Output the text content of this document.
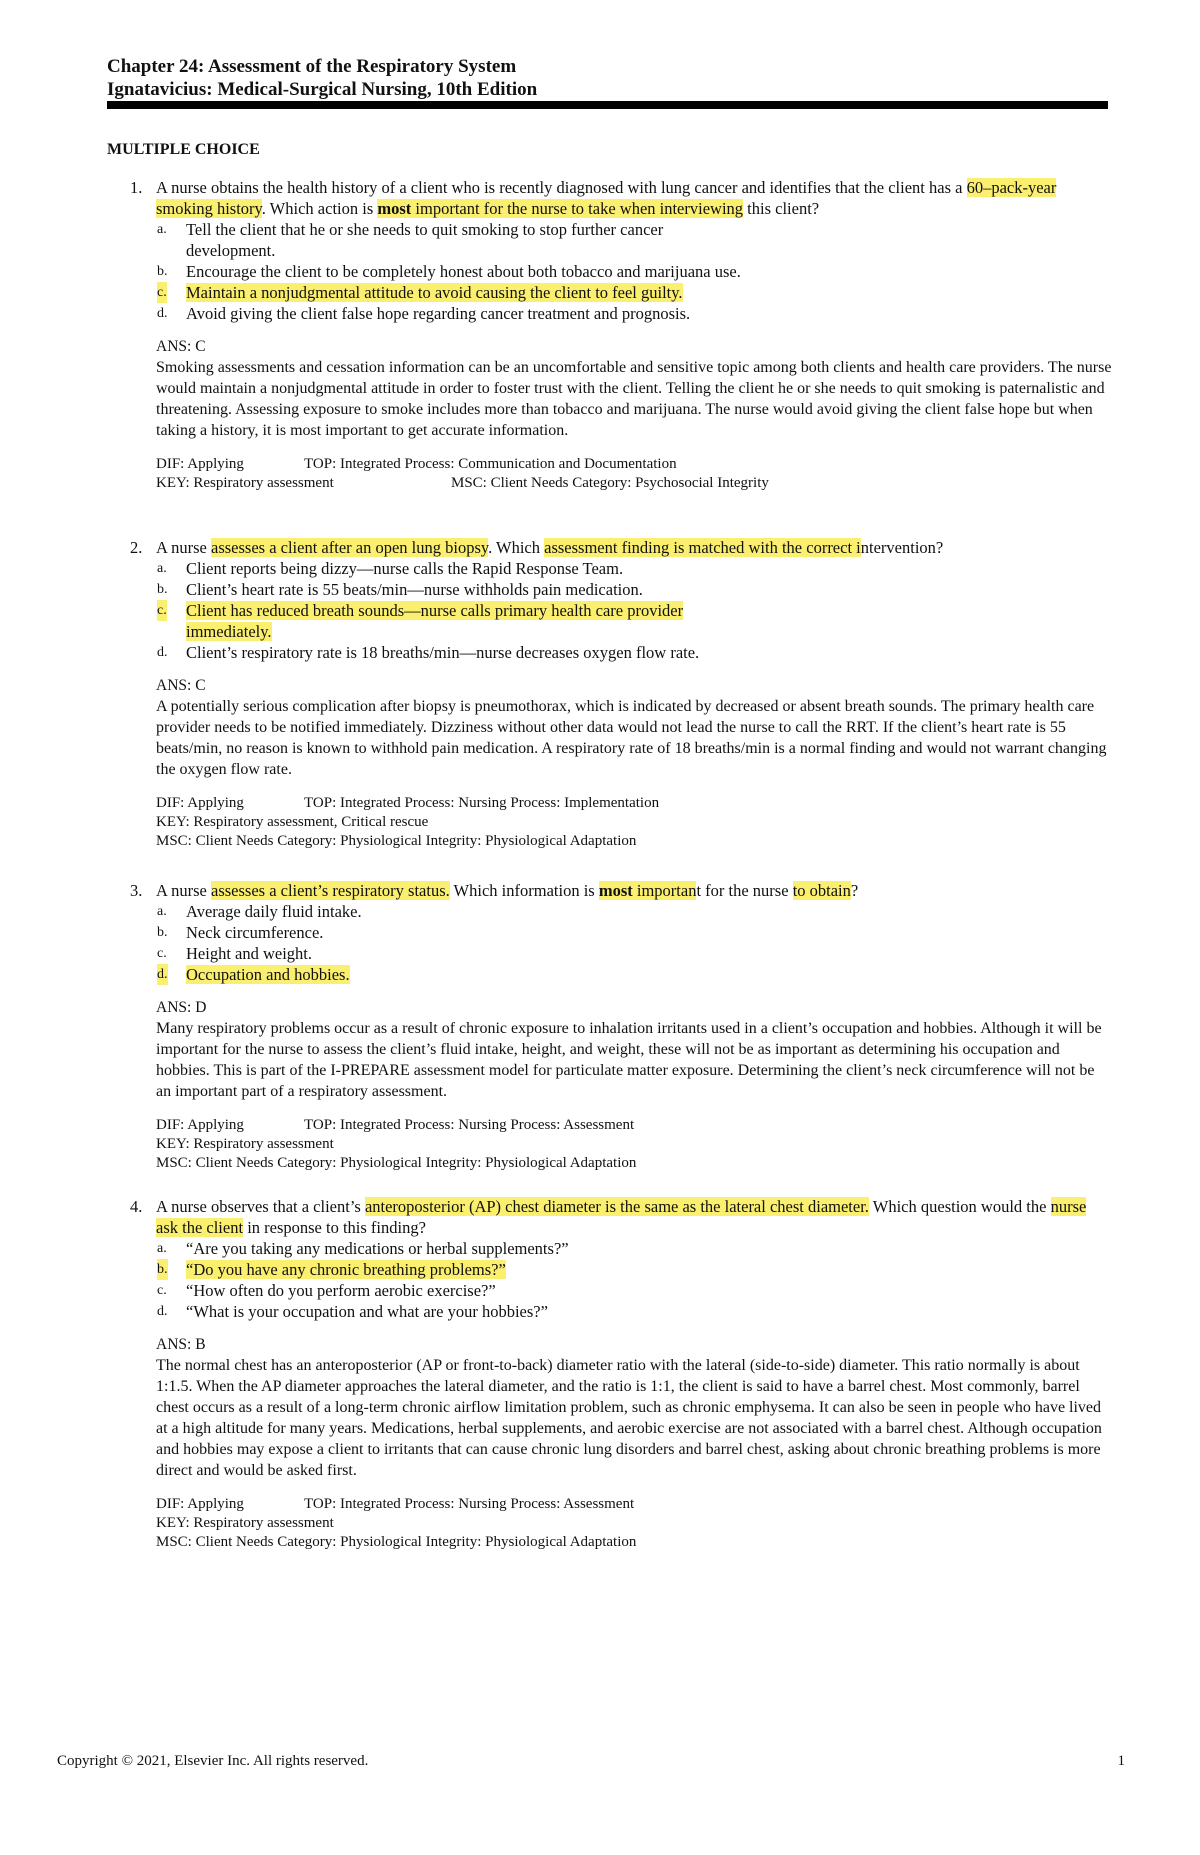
Chapter 24: Assessment of the Respiratory System
Ignatavicius: Medical-Surgical Nursing, 10th Edition
MULTIPLE CHOICE
1. A nurse obtains the health history of a client who is recently diagnosed with lung cancer and identifies that the client has a 60–pack-year smoking history. Which action is most important for the nurse to take when interviewing this client?
a. Tell the client that he or she needs to quit smoking to stop further cancer development.
b. Encourage the client to be completely honest about both tobacco and marijuana use.
c. Maintain a nonjudgmental attitude to avoid causing the client to feel guilty.
d. Avoid giving the client false hope regarding cancer treatment and prognosis.
ANS: C
Smoking assessments and cessation information can be an uncomfortable and sensitive topic among both clients and health care providers. The nurse would maintain a nonjudgmental attitude in order to foster trust with the client. Telling the client he or she needs to quit smoking is paternalistic and threatening. Assessing exposure to smoke includes more than tobacco and marijuana. The nurse would avoid giving the client false hope but when taking a history, it is most important to get accurate information.
DIF: Applying	TOP: Integrated Process: Communication and Documentation
KEY: Respiratory assessment	MSC: Client Needs Category: Psychosocial Integrity
2. A nurse assesses a client after an open lung biopsy. Which assessment finding is matched with the correct intervention?
a. Client reports being dizzy—nurse calls the Rapid Response Team.
b. Client’s heart rate is 55 beats/min—nurse withholds pain medication.
c. Client has reduced breath sounds—nurse calls primary health care provider immediately.
d. Client’s respiratory rate is 18 breaths/min—nurse decreases oxygen flow rate.
ANS: C
A potentially serious complication after biopsy is pneumothorax, which is indicated by decreased or absent breath sounds. The primary health care provider needs to be notified immediately. Dizziness without other data would not lead the nurse to call the RRT. If the client’s heart rate is 55 beats/min, no reason is known to withhold pain medication. A respiratory rate of 18 breaths/min is a normal finding and would not warrant changing the oxygen flow rate.
DIF: Applying	TOP: Integrated Process: Nursing Process: Implementation
KEY: Respiratory assessment, Critical rescue
MSC: Client Needs Category: Physiological Integrity: Physiological Adaptation
3. A nurse assesses a client’s respiratory status. Which information is most important for the nurse to obtain?
a. Average daily fluid intake.
b. Neck circumference.
c. Height and weight.
d. Occupation and hobbies.
ANS: D
Many respiratory problems occur as a result of chronic exposure to inhalation irritants used in a client’s occupation and hobbies. Although it will be important for the nurse to assess the client’s fluid intake, height, and weight, these will not be as important as determining his occupation and hobbies. This is part of the I-PREPARE assessment model for particulate matter exposure. Determining the client’s neck circumference will not be an important part of a respiratory assessment.
DIF: Applying	TOP: Integrated Process: Nursing Process: Assessment
KEY: Respiratory assessment
MSC: Client Needs Category: Physiological Integrity: Physiological Adaptation
4. A nurse observes that a client’s anteroposterior (AP) chest diameter is the same as the lateral chest diameter. Which question would the nurse ask the client in response to this finding?
a. “Are you taking any medications or herbal supplements?”
b. “Do you have any chronic breathing problems?”
c. “How often do you perform aerobic exercise?”
d. “What is your occupation and what are your hobbies?”
ANS: B
The normal chest has an anteroposterior (AP or front-to-back) diameter ratio with the lateral (side-to-side) diameter. This ratio normally is about 1:1.5. When the AP diameter approaches the lateral diameter, and the ratio is 1:1, the client is said to have a barrel chest. Most commonly, barrel chest occurs as a result of a long-term chronic airflow limitation problem, such as chronic emphysema. It can also be seen in people who have lived at a high altitude for many years. Medications, herbal supplements, and aerobic exercise are not associated with a barrel chest. Although occupation and hobbies may expose a client to irritants that can cause chronic lung disorders and barrel chest, asking about chronic breathing problems is more direct and would be asked first.
DIF: Applying	TOP: Integrated Process: Nursing Process: Assessment
KEY: Respiratory assessment
MSC: Client Needs Category: Physiological Integrity: Physiological Adaptation
Copyright © 2021, Elsevier Inc. All rights reserved.	1
